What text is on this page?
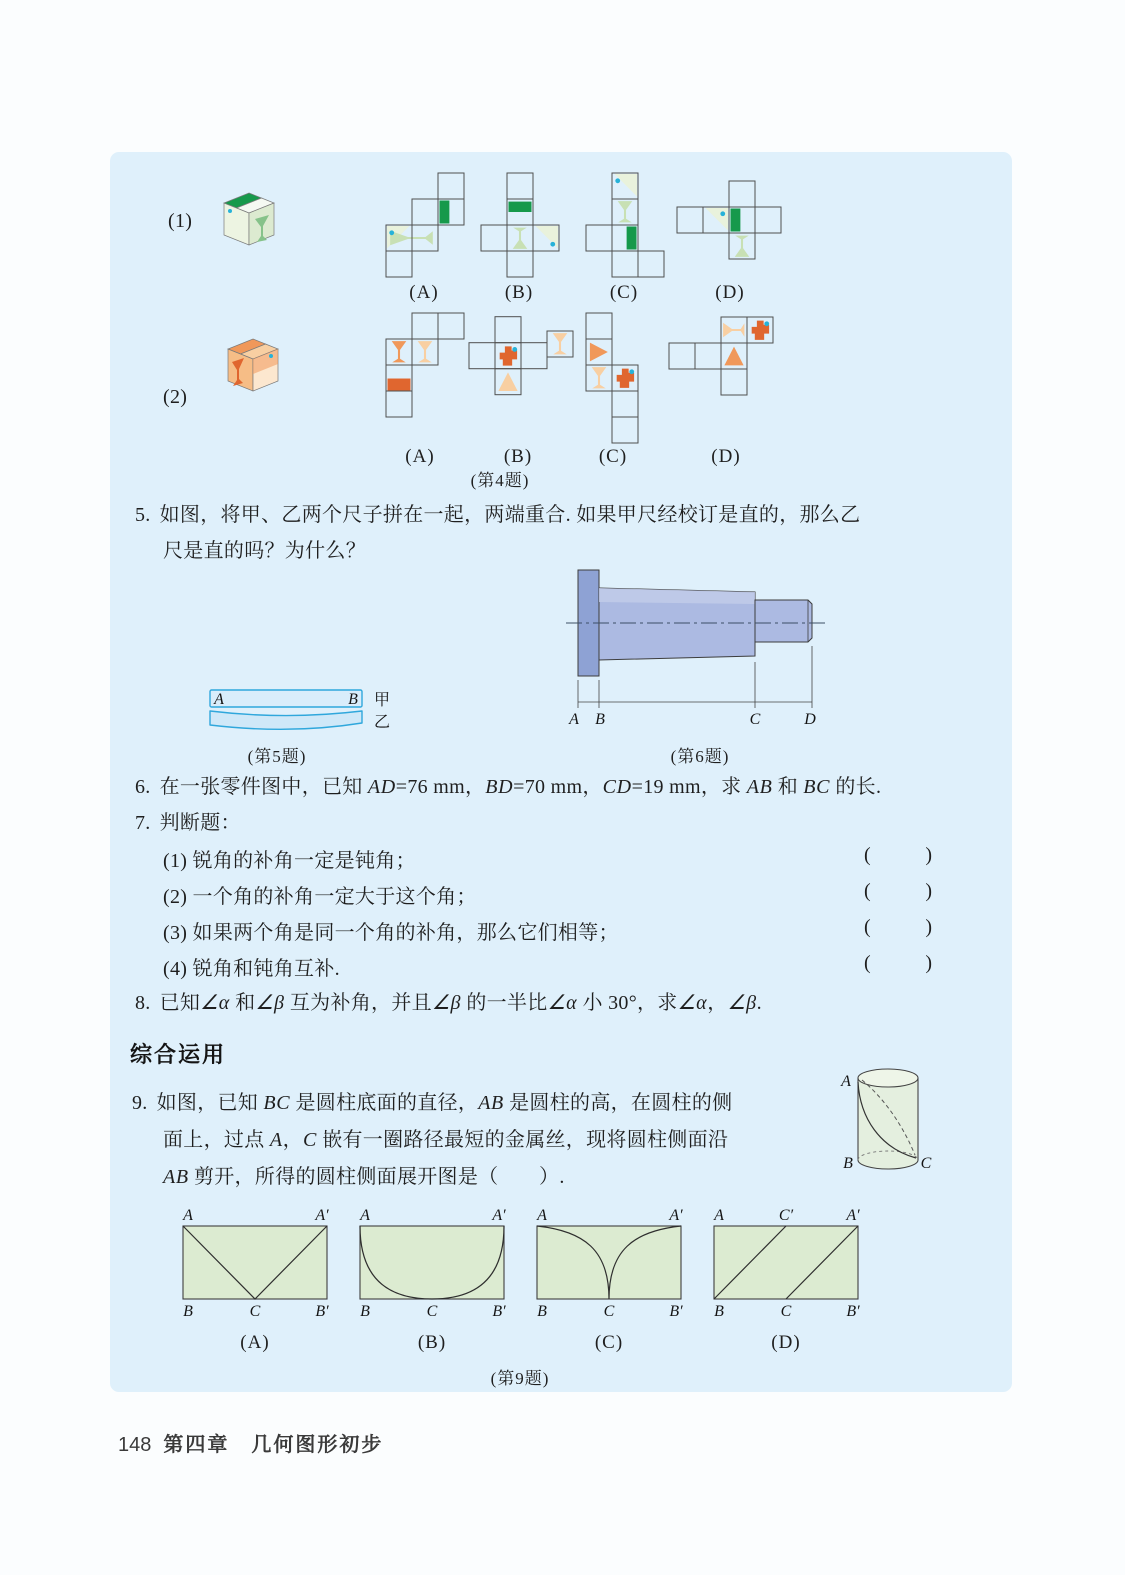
(1)
(2)
(A)	(B)	(C)	(D)
(A)	(B)	(C)	(D)
(第4题)
5. 如图，将甲、乙两个尺子拼在一起，两端重合. 如果甲尺经校订是直的，那么乙
尺是直的吗？为什么？
A	B 甲
乙
(第5题)
A B	C	D
(第6题)
6. 在一张零件图中，已知 AD=76 mm，BD=70 mm，CD=19 mm，求 AB 和 BC 的长.
7. 判断题：
(1) 锐角的补角一定是钝角；
(2) 一个角的补角一定大于这个角；
(3) 如果两个角是同一个角的补角，那么它们相等；
(4) 锐角和钝角互补.
(	)
(	)
(	)
(	)
8. 已知∠α 和∠β 互为补角，并且∠β 的一半比∠α 小 30°，求∠α，∠β.
综合运用
9. 如图，已知 BC 是圆柱底面的直径，AB 是圆柱的高，在圆柱的侧
面上，过点 A，C 嵌有一圈路径最短的金属丝，现将圆柱侧面沿
AB 剪开，所得的圆柱侧面展开图是（　　）.
A
B	C
A	A′
B	C	B′
A	A′
B	C	B′
A	A′
B	C	B′
A	C′	A′
B	C	B′
(A)	(B)	(C)	(D)
(第9题)
148 第四章　几何图形初步
